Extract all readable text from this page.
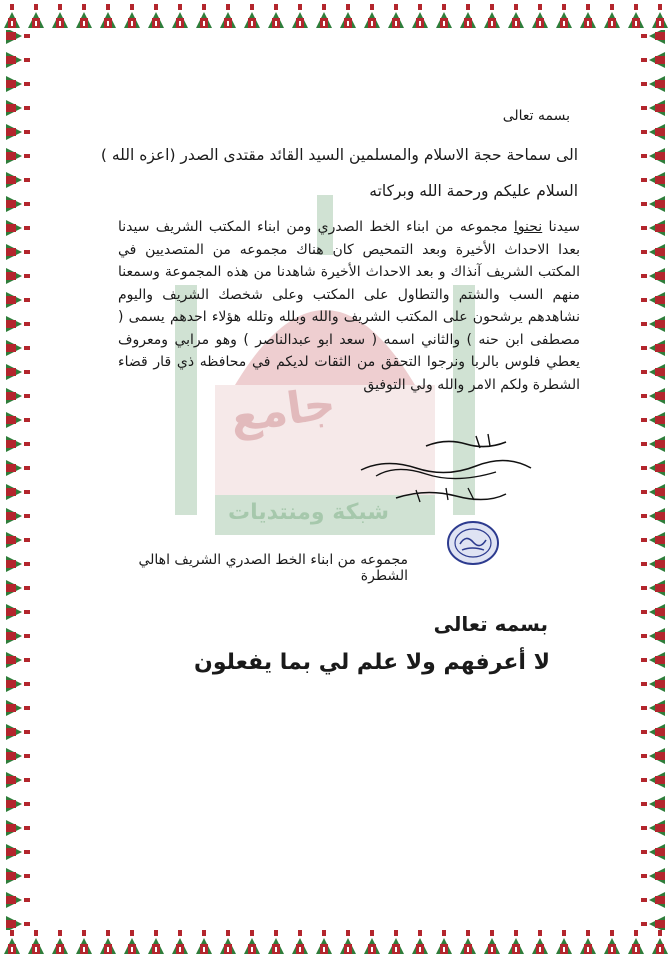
جامع
شبكة ومنتديات
بسمه تعالى
الى سماحة حجة الاسلام والمسلمين السيد القائد مقتدى الصدر (اعزه الله )
السلام عليكم ورحمة الله وبركاته
سيدنا نحنوا مجموعه من ابناء الخط الصدري ومن ابناء المكتب الشريف سيدنا بعدا الاحداث الأخيرة وبعد التمحيص كان هناك مجموعه من المتصديين في المكتب الشريف آنذاك و بعد الاحداث الأخيرة شاهدنا من هذه المجموعة وسمعنا منهم السب والشتم والتطاول على المكتب وعلى شخصك الشريف واليوم نشاهدهم يرشحون على المكتب الشريف والله وبلله وتلله هؤلاء احدهم يسمى ( مصطفى ابن حنه ) والثاني اسمه ( سعد ابو عبدالناصر ) وهو مرابي ومعروف يعطي فلوس بالربا ونرجوا التحقق من الثقات لديكم في محافظه ذي قار قضاء الشطرة ولكم الامر والله ولي التوفيق
مجموعه من ابناء الخط الصدري الشريف اهالي الشطرة
بسمه تعالى
لا أعرفهم ولا علم لي بما يفعلون
